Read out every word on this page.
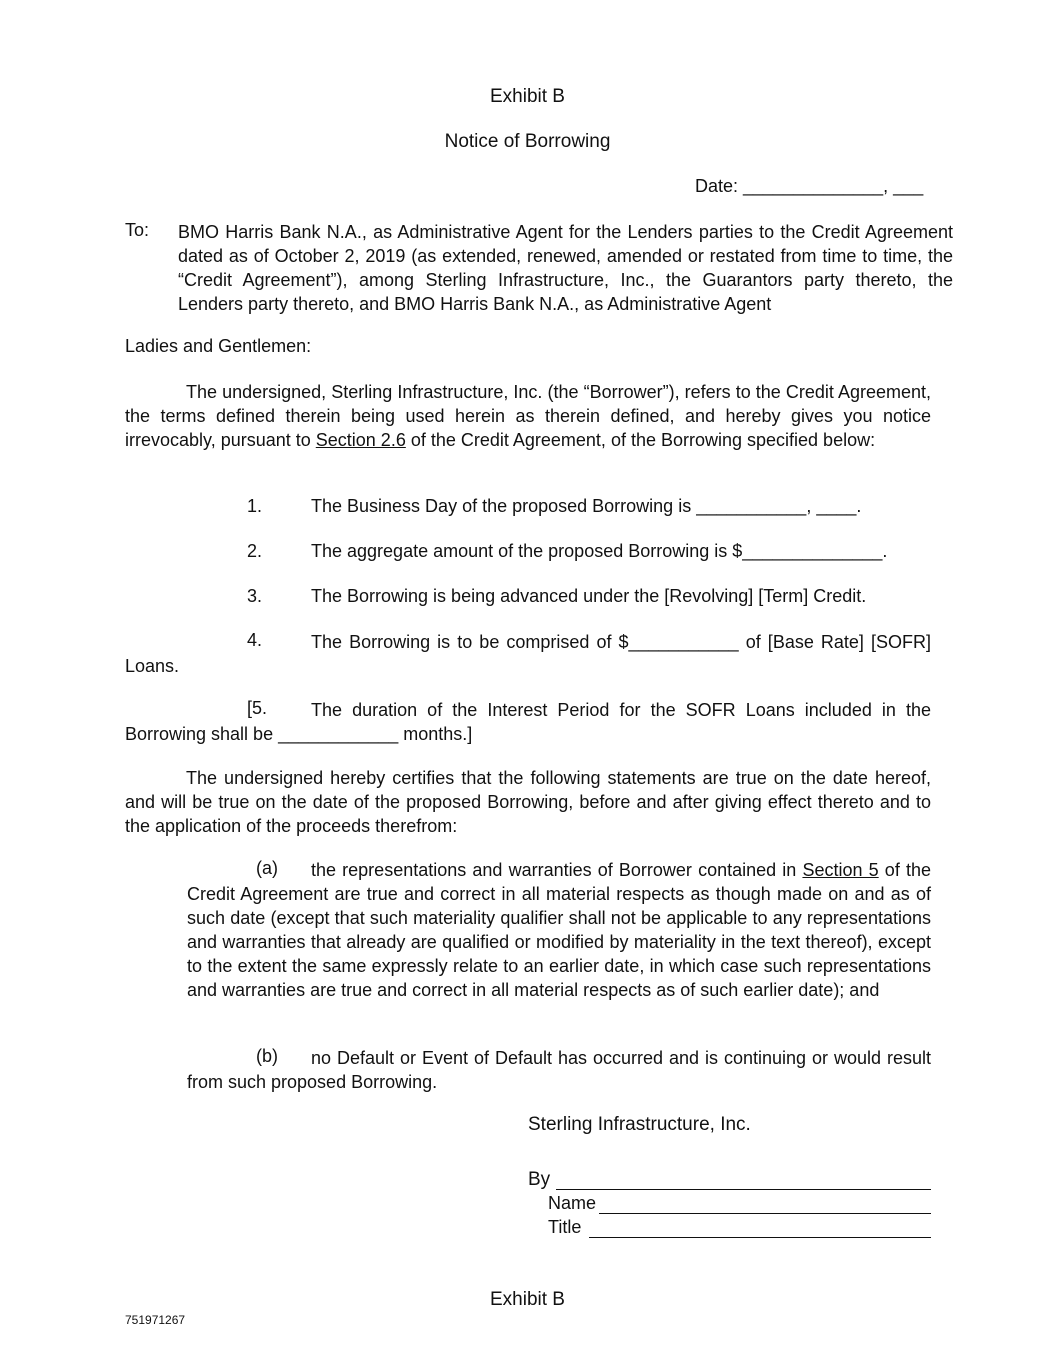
Exhibit B
Notice of Borrowing
Date: ______________, ___
To: BMO Harris Bank N.A., as Administrative Agent for the Lenders parties to the Credit Agreement dated as of October 2, 2019 (as extended, renewed, amended or restated from time to time, the “Credit Agreement”), among Sterling Infrastructure, Inc., the Guarantors party thereto, the Lenders party thereto, and BMO Harris Bank N.A., as Administrative Agent
Ladies and Gentlemen:
The undersigned, Sterling Infrastructure, Inc. (the “Borrower”), refers to the Credit Agreement, the terms defined therein being used herein as therein defined, and hereby gives you notice irrevocably, pursuant to Section 2.6 of the Credit Agreement, of the Borrowing specified below:
1.	The Business Day of the proposed Borrowing is ___________, ____.
2.	The aggregate amount of the proposed Borrowing is $______________.
3.	The Borrowing is being advanced under the [Revolving] [Term] Credit.
4.	The Borrowing is to be comprised of $___________ of [Base Rate] [SOFR] Loans.
[5.	The duration of the Interest Period for the SOFR Loans included in the Borrowing shall be ____________ months.]
The undersigned hereby certifies that the following statements are true on the date hereof, and will be true on the date of the proposed Borrowing, before and after giving effect thereto and to the application of the proceeds therefrom:
(a)	the representations and warranties of Borrower contained in Section 5 of the Credit Agreement are true and correct in all material respects as though made on and as of such date (except that such materiality qualifier shall not be applicable to any representations and warranties that already are qualified or modified by materiality in the text thereof), except to the extent the same expressly relate to an earlier date, in which case such representations and warranties are true and correct in all material respects as of such earlier date); and
(b)	no Default or Event of Default has occurred and is continuing or would result from such proposed Borrowing.
Sterling Infrastructure, Inc.
By
Name
Title
Exhibit B
751971267
